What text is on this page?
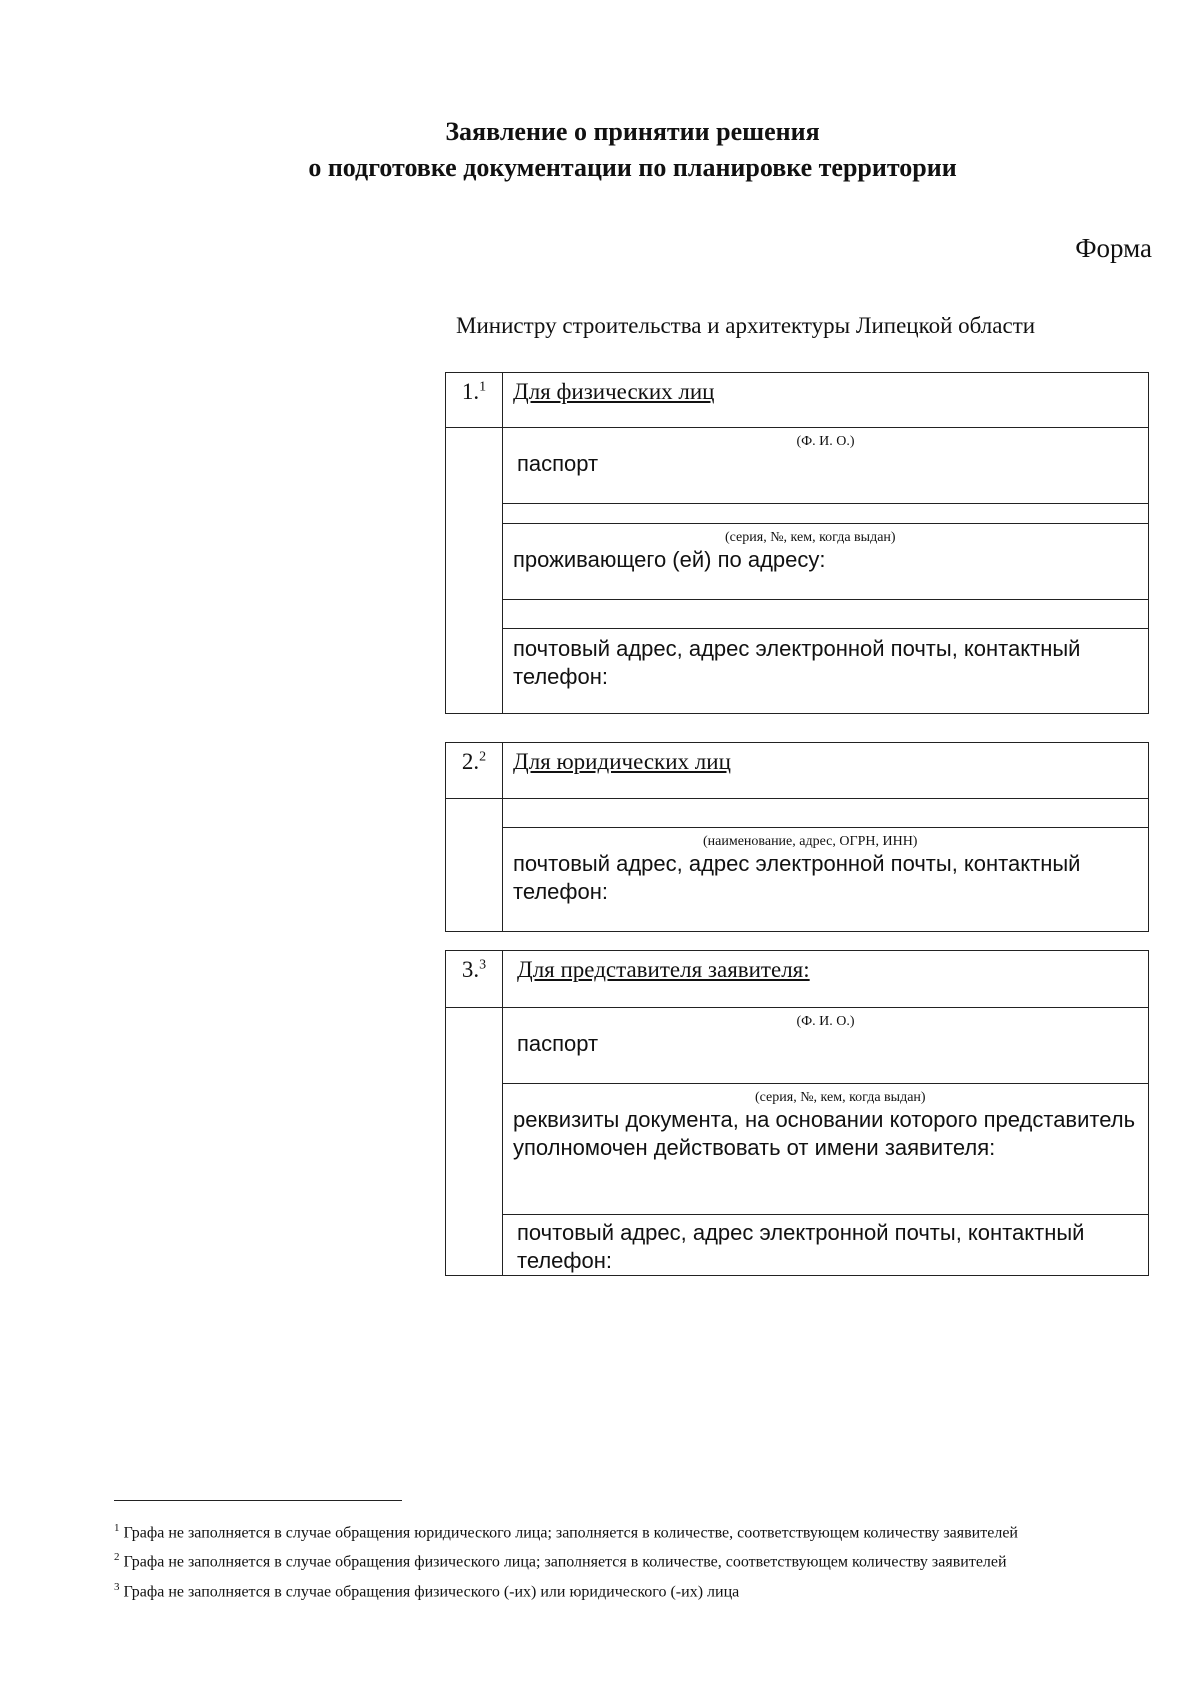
Заявление о принятии решения
о подготовке документации по планировке территории
Форма
Министру строительства и архитектуры Липецкой области
1.$^1$	Для физических лиц

	(Ф. И. О.)
паспорт

	(серия, №, кем, когда выдан)
проживающего (ей) по адресу:

	почтовый адрес, адрес электронной почты, контактный телефон:
2.$^2$	Для юридических лиц

	(наименование, адрес, ОГРН, ИНН)
почтовый адрес, адрес электронной почты, контактный телефон:
3.$^3$	Для представителя заявителя:

	(Ф. И. О.)
паспорт

	(серия, №, кем, когда выдан)
реквизиты документа, на основании которого представитель уполномочен действовать от имени заявителя:

	почтовый адрес, адрес электронной почты, контактный телефон:
$^1$ Графа не заполняется в случае обращения юридического лица; заполняется в количестве, соответствующем количеству заявителей
$^2$ Графа не заполняется в случае обращения физического лица; заполняется в количестве, соответствующем количеству заявителей
$^3$ Графа не заполняется в случае обращения физического (-их) или юридического (-их) лица
